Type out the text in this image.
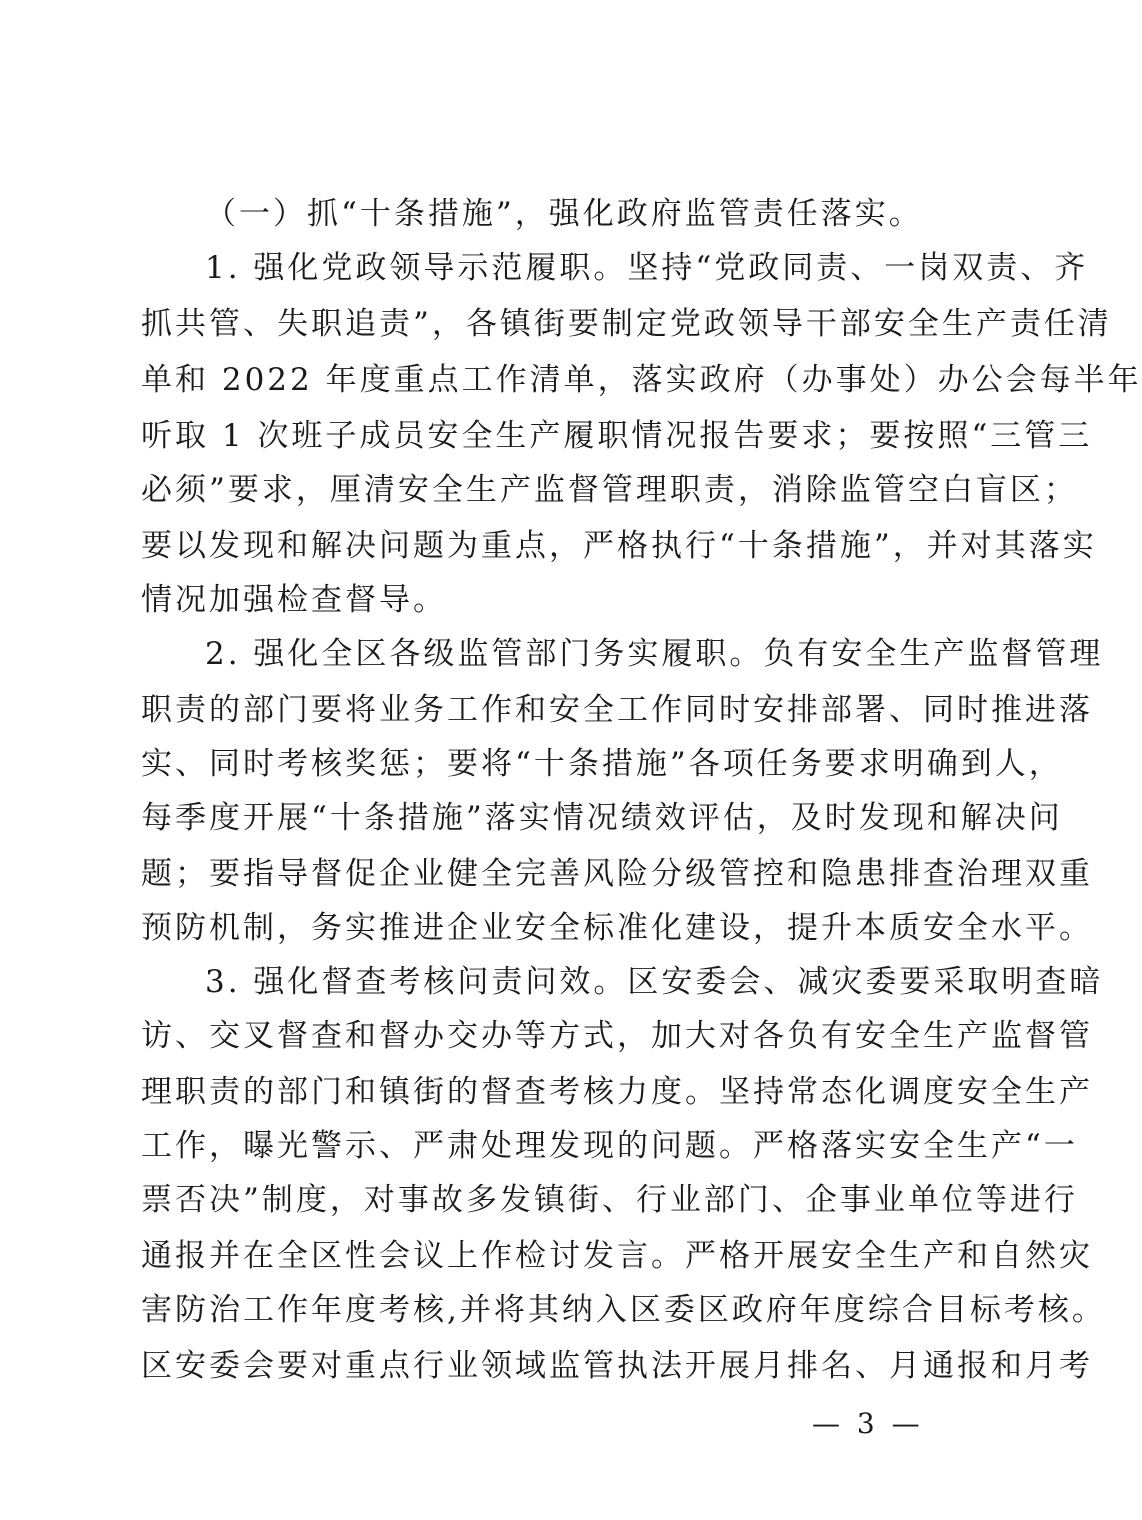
（一）抓“十条措施”，强化政府监管责任落实。
1. 强化党政领导示范履职。坚持“党政同责、一岗双责、齐
抓共管、失职追责”，各镇街要制定党政领导干部安全生产责任清
单和 2022 年度重点工作清单，落实政府（办事处）办公会每半年
听取 1 次班子成员安全生产履职情况报告要求；要按照“三管三
必须”要求，厘清安全生产监督管理职责，消除监管空白盲区；
要以发现和解决问题为重点，严格执行“十条措施”，并对其落实
情况加强检查督导。
2. 强化全区各级监管部门务实履职。负有安全生产监督管理
职责的部门要将业务工作和安全工作同时安排部署、同时推进落
实、同时考核奖惩；要将“十条措施”各项任务要求明确到人，
每季度开展“十条措施”落实情况绩效评估，及时发现和解决问
题；要指导督促企业健全完善风险分级管控和隐患排查治理双重
预防机制，务实推进企业安全标准化建设，提升本质安全水平。
3. 强化督查考核问责问效。区安委会、减灾委要采取明查暗
访、交叉督查和督办交办等方式，加大对各负有安全生产监督管
理职责的部门和镇街的督查考核力度。坚持常态化调度安全生产
工作，曝光警示、严肃处理发现的问题。严格落实安全生产“一
票否决”制度，对事故多发镇街、行业部门、企事业单位等进行
通报并在全区性会议上作检讨发言。严格开展安全生产和自然灾
害防治工作年度考核,并将其纳入区委区政府年度综合目标考核。
区安委会要对重点行业领域监管执法开展月排名、月通报和月考
— 3 —
